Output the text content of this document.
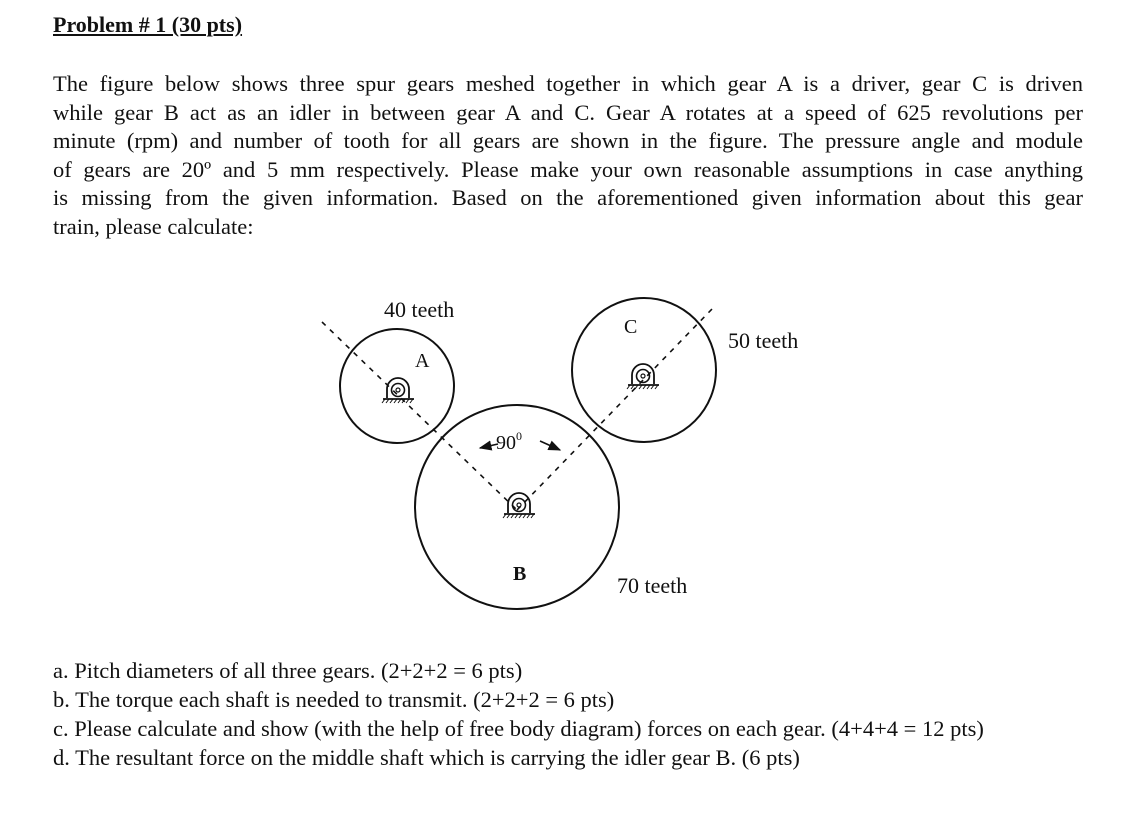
Problem # 1 (30 pts)

The figure below shows three spur gears meshed together in which gear A is a driver, gear C is driven
while gear B act as an idler in between gear A and C. Gear A rotates at a speed of 625 revolutions per
minute (rpm) and number of tooth for all gears are shown in the figure. The pressure angle and module
of gears are 20º and 5 mm respectively. Please make your own reasonable assumptions in case anything
is missing from the given information. Based on the aforementioned given information about this gear
train, please calculate:

$90^0$
40 teeth
A
C
50 teeth
B	70 teeth
a. Pitch diameters of all three gears. (2+2+2 = 6 pts)
b. The torque each shaft is needed to transmit. (2+2+2 = 6 pts)
c. Please calculate and show (with the help of free body diagram) forces on each gear. (4+4+4 = 12 pts)
d. The resultant force on the middle shaft which is carrying the idler gear B. (6 pts)
